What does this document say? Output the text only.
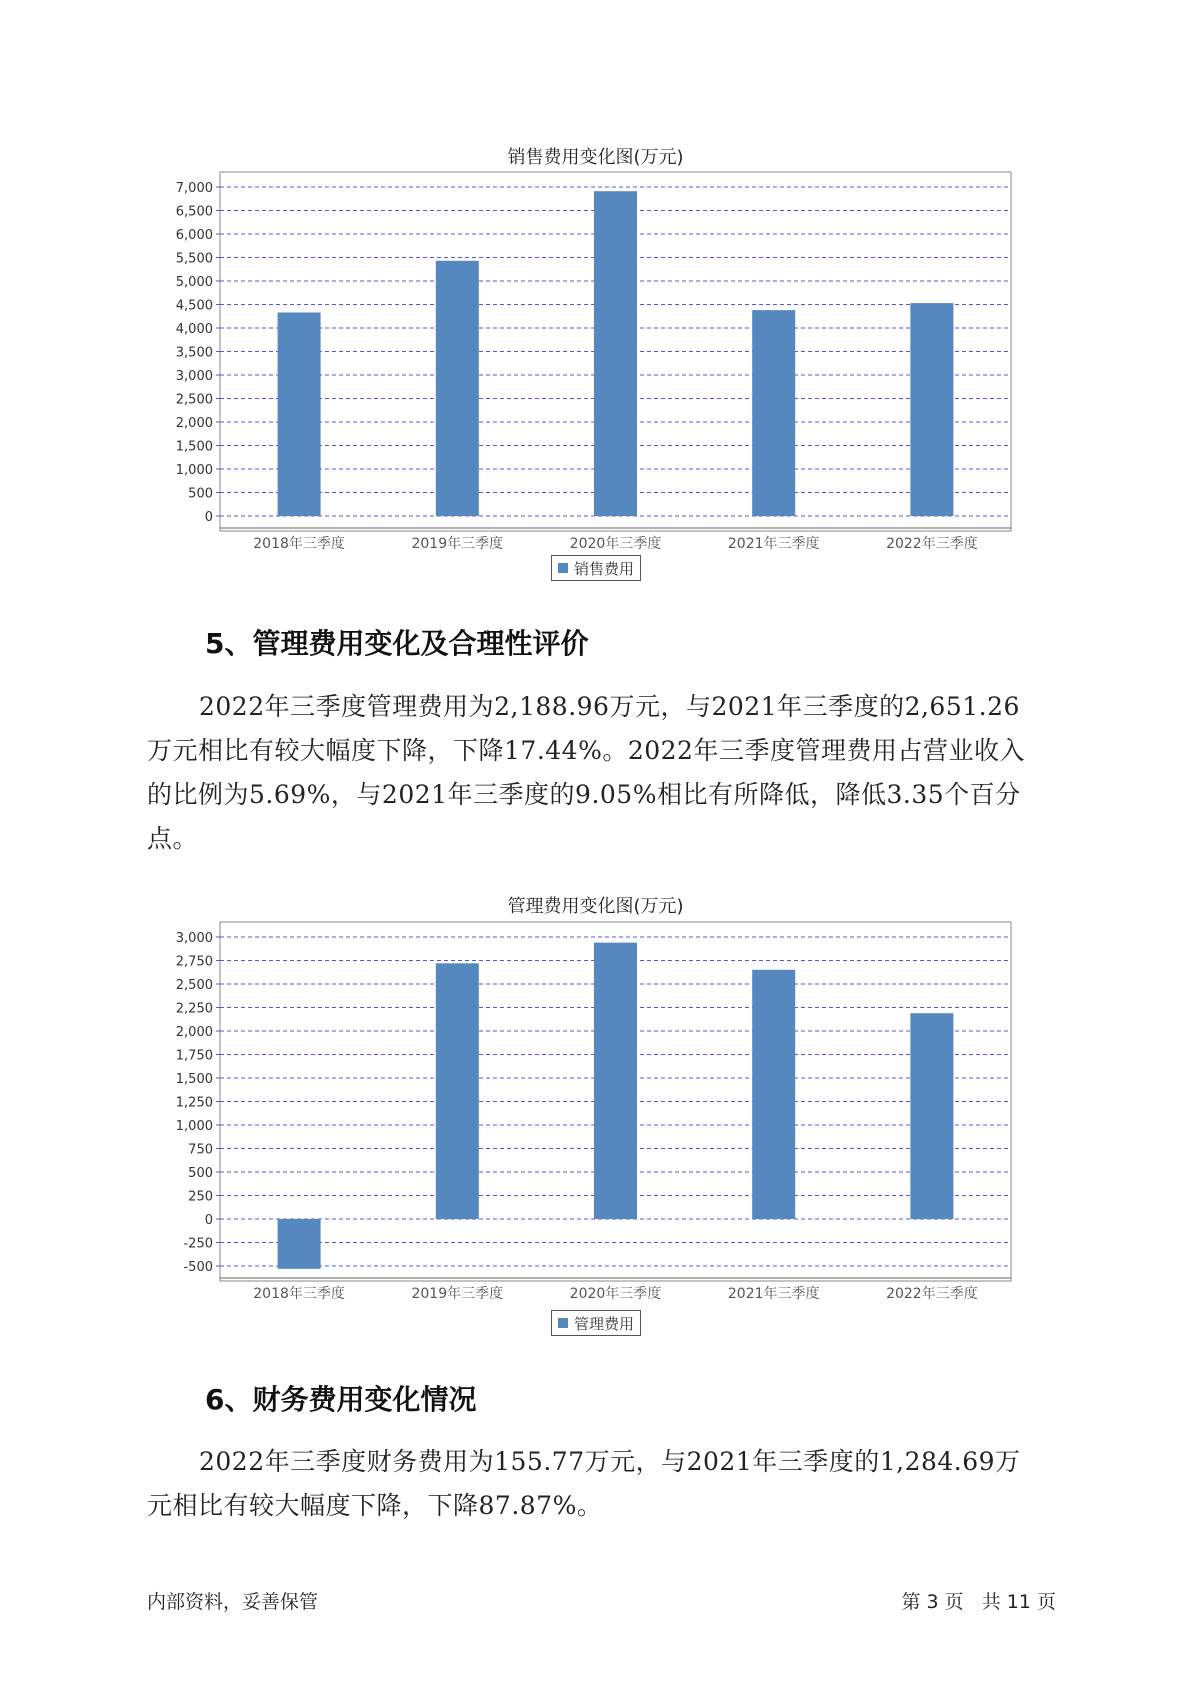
销售费用变化图(万元)
0
500
1,000
1,500
2,000
2,500
3,000
3,500
4,000
4,500
5,000
5,500
6,000
6,500
7,000
2018年三季度	2019年三季度	2020年三季度	2021年三季度	2022年三季度
销售费用
5、管理费用变化及合理性评价

2022年三季度管理费用为2,188.96万元，与2021年三季度的2,651.26万元相比有较大幅度下降，下降17.44%。2022年三季度管理费用占营业收入的比例为5.69%，与2021年三季度的9.05%相比有所降低，降低3.35个百分点。

管理费用变化图(万元)
-500
-250
0
250
500
750
1,000
1,250
1,500
1,750
2,000
2,250
2,500
2,750
3,000
2018年三季度	2019年三季度	2020年三季度	2021年三季度	2022年三季度
管理费用
6、财务费用变化情况

2022年三季度财务费用为155.77万元，与2021年三季度的1,284.69万元相比有较大幅度下降，下降87.87%。

内部资料，妥善保管	第 3 页   共 11 页
